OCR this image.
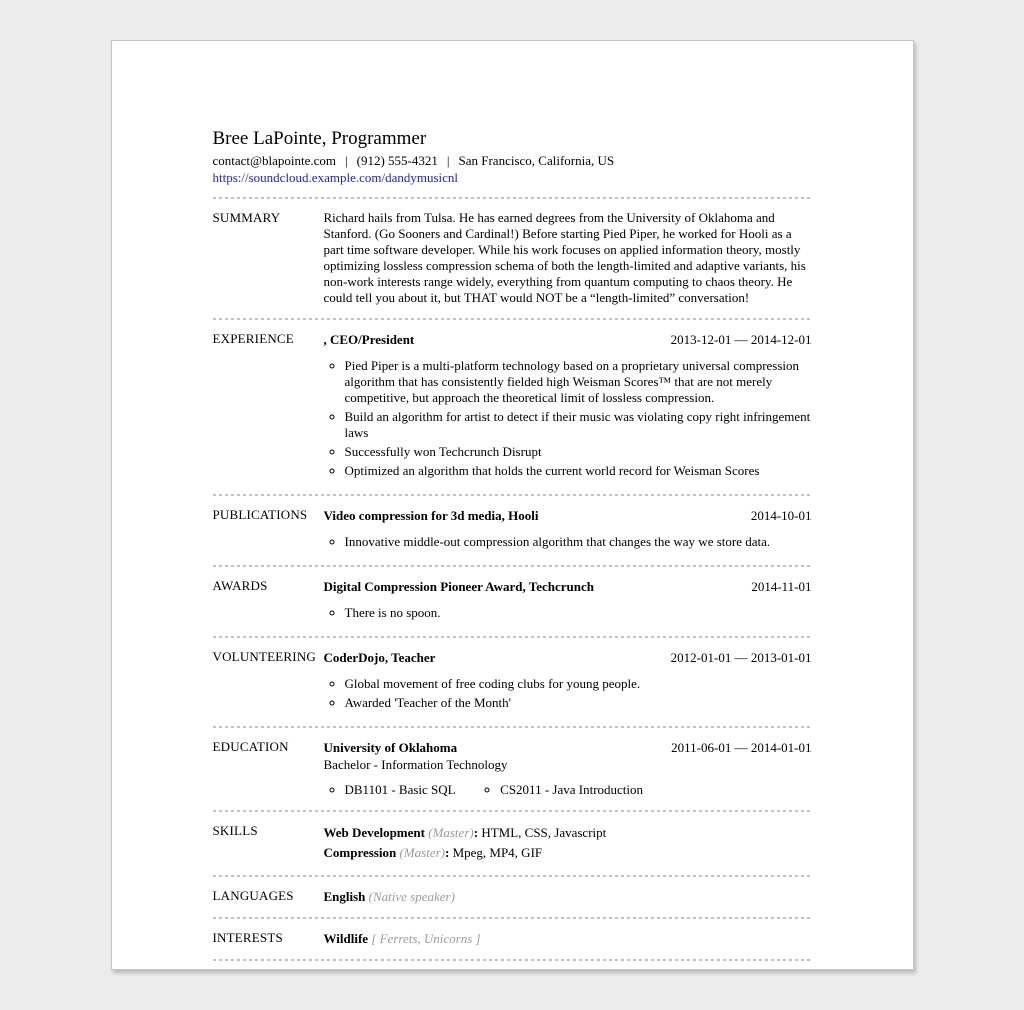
Bree LaPointe, Programmer
contact@blapointe.com | (912) 555-4321 | San Francisco, California, US
https://soundcloud.example.com/dandymusicnl
SUMMARY	Richard hails from Tulsa. He has earned degrees from the University of Oklahoma and Stanford. (Go Sooners and Cardinal!) Before starting Pied Piper, he worked for Hooli as a part time software developer. While his work focuses on applied information theory, mostly optimizing lossless compression schema of both the length-limited and adaptive variants, his non-work interests range widely, everything from quantum computing to chaos theory. He could tell you about it, but THAT would NOT be a “length-limited” conversation!

EXPERIENCE	, CEO/President	2013-12-01 — 2014-12-01
◦ Pied Piper is a multi-platform technology based on a proprietary universal compression algorithm that has consistently fielded high Weisman Scores™ that are not merely competitive, but approach the theoretical limit of lossless compression.
◦ Build an algorithm for artist to detect if their music was violating copy right infringement laws
◦ Successfully won Techcrunch Disrupt
◦ Optimized an algorithm that holds the current world record for Weisman Scores
PUBLICATIONS	Video compression for 3d media, Hooli	2014-10-01
◦ Innovative middle-out compression algorithm that changes the way we store data.
AWARDS	Digital Compression Pioneer Award, Techcrunch	2014-11-01
◦ There is no spoon.
VOLUNTEERING CoderDojo, Teacher	2012-01-01 — 2013-01-01
◦ Global movement of free coding clubs for young people.
◦ Awarded 'Teacher of the Month'
EDUCATION	University of Oklahoma	2011-06-01 — 2014-01-01
Bachelor - Information Technology
◦ DB1101 - Basic SQL	◦ CS2011 - Java Introduction
SKILLS	Web Development (Master): HTML, CSS, Javascript
Compression (Master): Mpeg, MP4, GIF
LANGUAGES	English (Native speaker)
INTERESTS	Wildlife [ Ferrets, Unicorns ]
